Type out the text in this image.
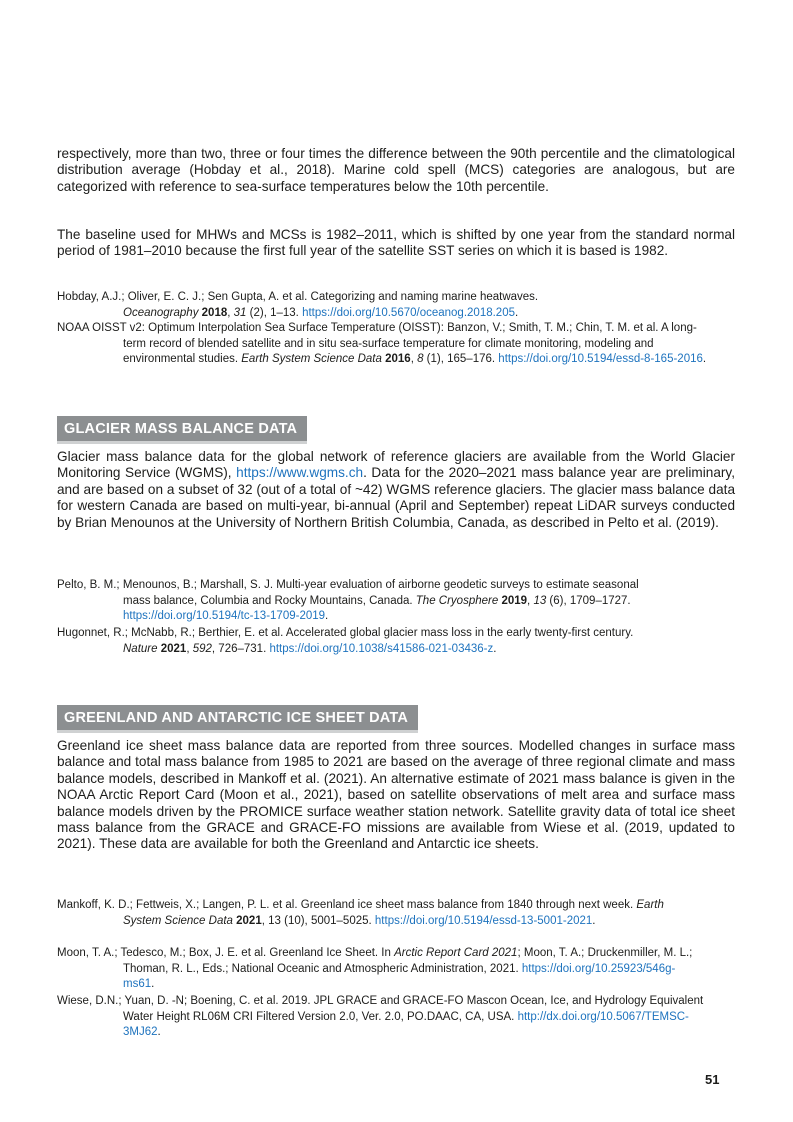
respectively, more than two, three or four times the difference between the 90th percentile and the climatological distribution average (Hobday et al., 2018). Marine cold spell (MCS) categories are analogous, but are categorized with reference to sea-surface temperatures below the 10th percentile.

The baseline used for MHWs and MCSs is 1982–2011, which is shifted by one year from the standard normal period of 1981–2010 because the first full year of the satellite SST series on which it is based is 1982.

Hobday, A.J.; Oliver, E. C. J.; Sen Gupta, A. et al. Categorizing and naming marine heatwaves.
Oceanography 2018, 31 (2), 1–13. https://doi.org/10.5670/oceanog.2018.205.

NOAA OISST v2: Optimum Interpolation Sea Surface Temperature (OISST): Banzon, V.; Smith, T. M.; Chin, T. M. et al. A long-term record of blended satellite and in situ sea-surface temperature for climate monitoring, modeling and environmental studies. Earth System Science Data 2016, 8 (1), 165–176. https://doi.org/10.5194/essd-8-165-2016.

GLACIER MASS BALANCE DATA

Glacier mass balance data for the global network of reference glaciers are available from the World Glacier Monitoring Service (WGMS), https://www.wgms.ch. Data for the 2020–2021 mass balance year are preliminary, and are based on a subset of 32 (out of a total of ~42) WGMS reference glaciers. The glacier mass balance data for western Canada are based on multi-year, bi-annual (April and September) repeat LiDAR surveys conducted by Brian Menounos at the University of Northern British Columbia, Canada, as described in Pelto et al. (2019).

Pelto, B. M.; Menounos, B.; Marshall, S. J. Multi-year evaluation of airborne geodetic surveys to estimate seasonal mass balance, Columbia and Rocky Mountains, Canada. The Cryosphere 2019, 13 (6), 1709–1727. https://doi.org/10.5194/tc-13-1709-2019.

Hugonnet, R.; McNabb, R.; Berthier, E. et al. Accelerated global glacier mass loss in the early twenty-first century. Nature 2021, 592, 726–731. https://doi.org/10.1038/s41586-021-03436-z.

GREENLAND AND ANTARCTIC ICE SHEET DATA

Greenland ice sheet mass balance data are reported from three sources. Modelled changes in surface mass balance and total mass balance from 1985 to 2021 are based on the average of three regional climate and mass balance models, described in Mankoff et al. (2021). An alternative estimate of 2021 mass balance is given in the NOAA Arctic Report Card (Moon et al., 2021), based on satellite observations of melt area and surface mass balance models driven by the PROMICE surface weather station network. Satellite gravity data of total ice sheet mass balance from the GRACE and GRACE-FO missions are available from Wiese et al. (2019, updated to 2021). These data are available for both the Greenland and Antarctic ice sheets.

Mankoff, K. D.; Fettweis, X.; Langen, P. L. et al. Greenland ice sheet mass balance from 1840 through next week. Earth System Science Data 2021, 13 (10), 5001–5025. https://doi.org/10.5194/essd-13-5001-2021.

Moon, T. A.; Tedesco, M.; Box, J. E. et al. Greenland Ice Sheet. In Arctic Report Card 2021; Moon, T. A.; Druckenmiller, M. L.; Thoman, R. L., Eds.; National Oceanic and Atmospheric Administration, 2021. https://doi.org/10.25923/546g-ms61.

Wiese, D.N.; Yuan, D. -N; Boening, C. et al. 2019. JPL GRACE and GRACE-FO Mascon Ocean, Ice, and Hydrology Equivalent Water Height RL06M CRI Filtered Version 2.0, Ver. 2.0, PO.DAAC, CA, USA. http://dx.doi.org/10.5067/TEMSC-3MJ62.

51
